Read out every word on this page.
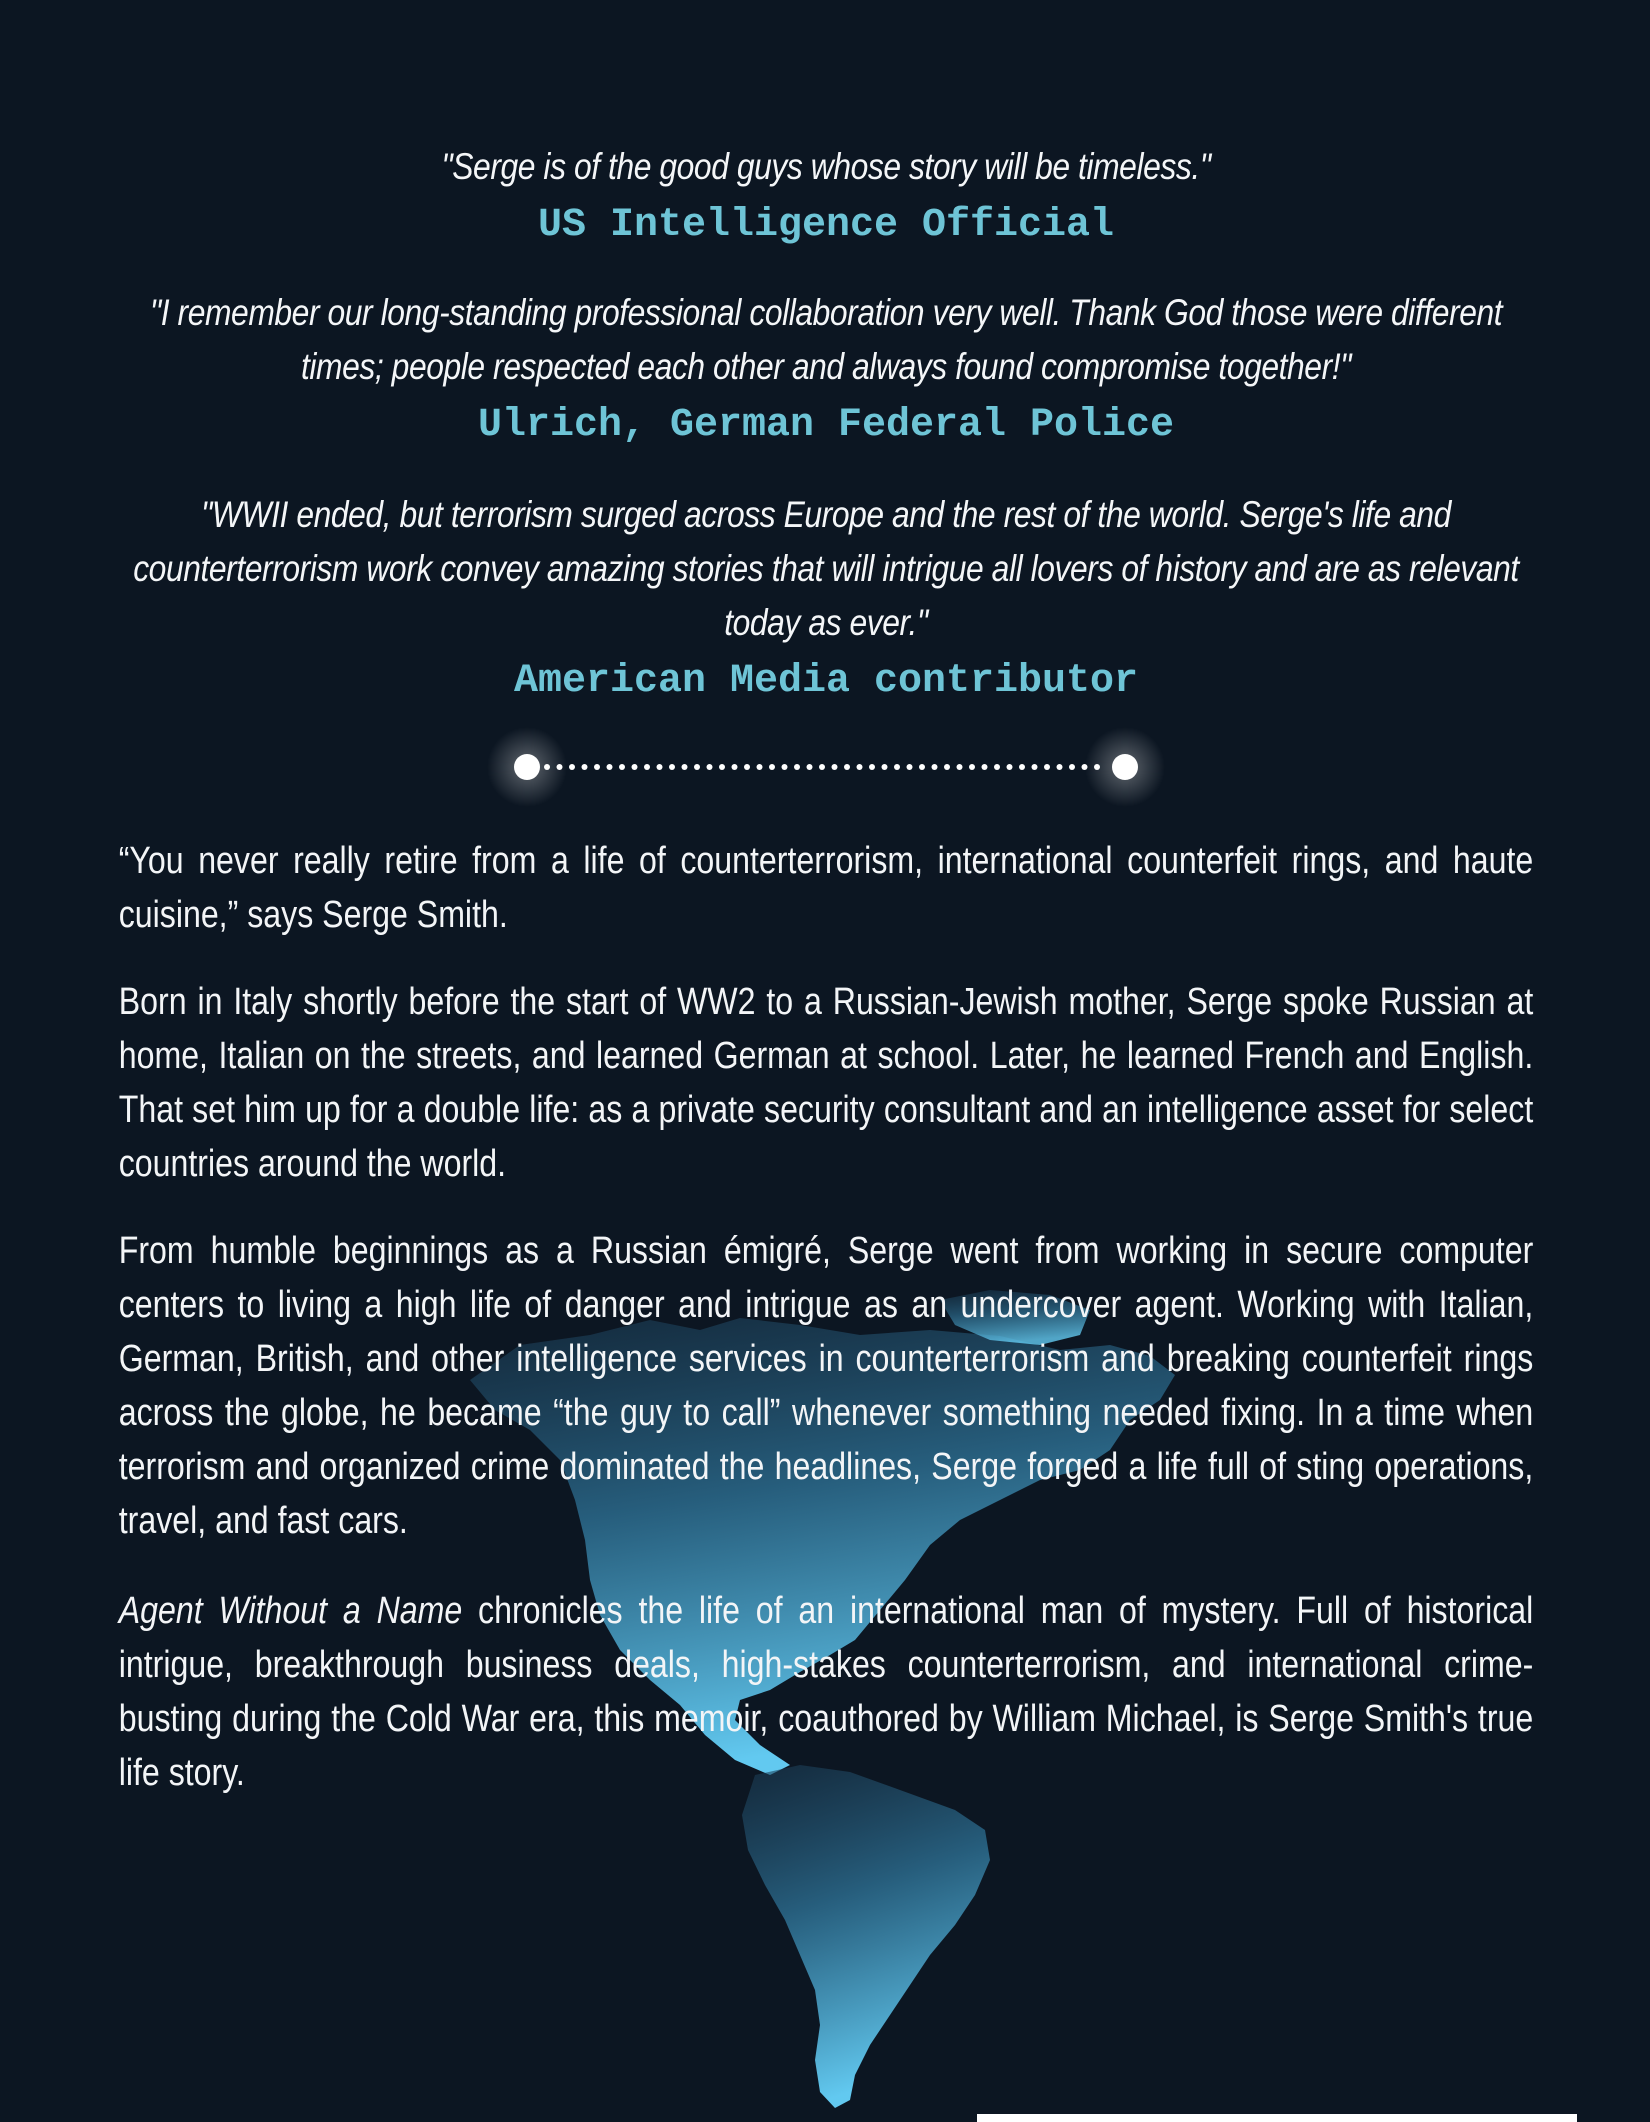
"Serge is of the good guys whose story will be timeless."

US Intelligence Official

"I remember our long-standing professional collaboration very well. Thank God those were different times; people respected each other and always found compromise together!"

Ulrich, German Federal Police

"WWII ended, but terrorism surged across Europe and the rest of the world. Serge's life and counterterrorism work convey amazing stories that will intrigue all lovers of history and are as relevant today as ever."

American Media contributor

“You never really retire from a life of counterterrorism, international counterfeit rings, and haute cuisine,” says Serge Smith.

Born in Italy shortly before the start of WW2 to a Russian-Jewish mother, Serge spoke Russian at home, Italian on the streets, and learned German at school. Later, he learned French and English. That set him up for a double life: as a private security consultant and an intelligence asset for select countries around the world.

From humble beginnings as a Russian émigré, Serge went from working in secure computer centers to living a high life of danger and intrigue as an undercover agent. Working with Italian, German, British, and other intelligence services in counterterrorism and breaking counterfeit rings across the globe, he became “the guy to call” whenever something needed fixing. In a time when terrorism and organized crime dominated the headlines, Serge forged a life full of sting operations, travel, and fast cars.

Agent Without a Name chronicles the life of an international man of mystery. Full of historical intrigue, breakthrough business deals, high-stakes counterterrorism, and international crime-busting during the Cold War era, this memoir, coauthored by William Michael, is Serge Smith's true life story.
